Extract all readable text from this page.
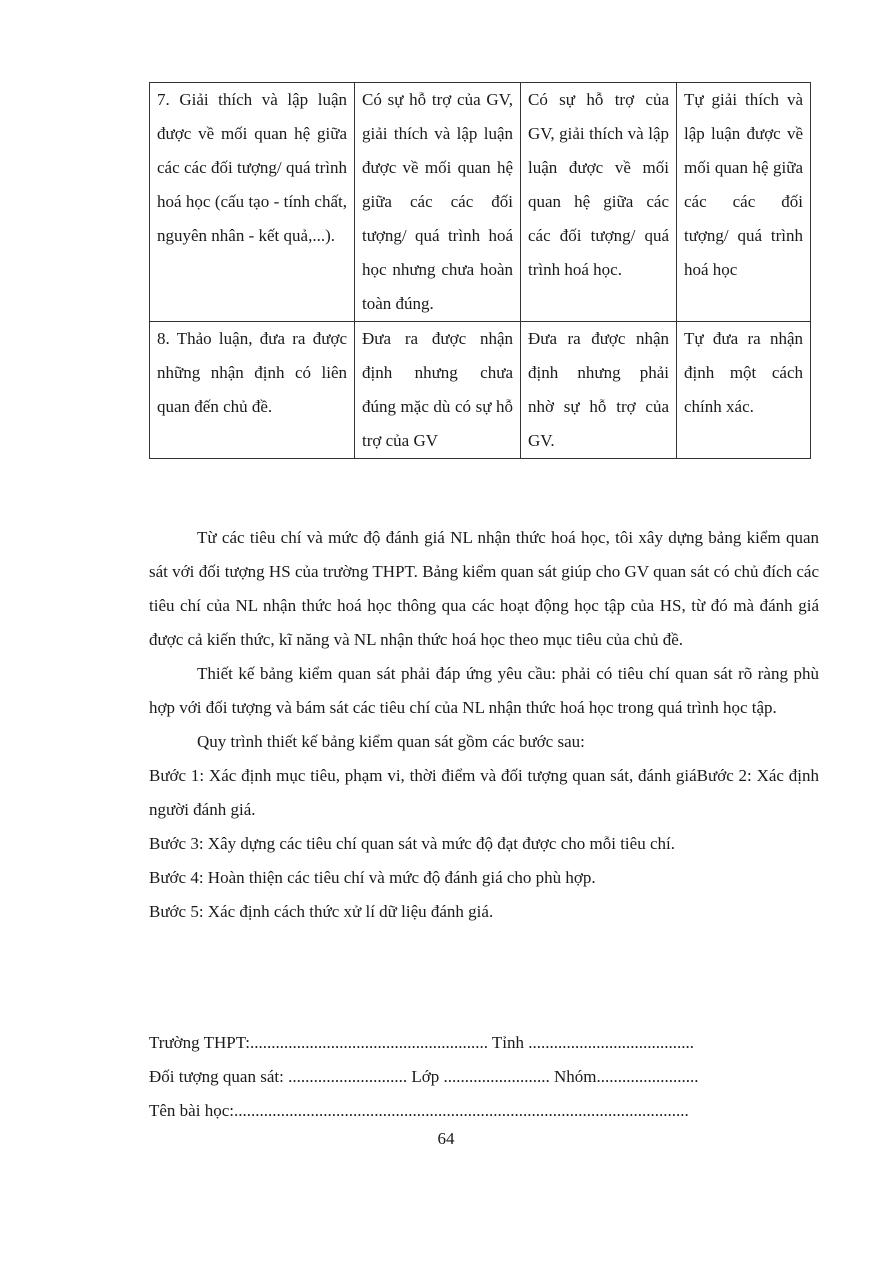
7. Giải thích và lập luận được về mối quan hệ giữa các các đối tượng/ quá trình hoá học (cấu tạo - tính chất, nguyên nhân - kết quả,...).	Có sự hỗ trợ của GV, giải thích và lập luận được về mối quan hệ giữa các các đối tượng/ quá trình hoá học nhưng chưa hoàn toàn đúng.	Có sự hỗ trợ của GV, giải thích và lập luận được về mối quan hệ giữa các các đối tượng/ quá trình hoá học.	Tự giải thích và lập luận được về mối quan hệ giữa các các đối tượng/ quá trình hoá học
8. Thảo luận, đưa ra được những nhận định có liên quan đến chủ đề.	Đưa ra được nhận định nhưng chưa đúng mặc dù có sự hỗ trợ của GV	Đưa ra được nhận định nhưng phải nhờ sự hỗ trợ của GV.	Tự đưa ra nhận định một cách chính xác.

Từ các tiêu chí và mức độ đánh giá NL nhận thức hoá học, tôi xây dựng bảng kiểm quan sát với đối tượng HS của trường THPT. Bảng kiểm quan sát giúp cho GV quan sát có chủ đích các tiêu chí của NL nhận thức hoá học thông qua các hoạt động học tập của HS, từ đó mà đánh giá được cả kiến thức, kĩ năng và NL nhận thức hoá học theo mục tiêu của chủ đề.

Thiết kế bảng kiểm quan sát phải đáp ứng yêu cầu: phải có tiêu chí quan sát rõ ràng phù hợp với đối tượng và bám sát các tiêu chí của NL nhận thức hoá học trong quá trình học tập.

Quy trình thiết kế bảng kiểm quan sát gồm các bước sau:

Bước 1: Xác định mục tiêu, phạm vi, thời điểm và đối tượng quan sát, đánh giáBước 2: Xác định người đánh giá.

Bước 3: Xây dựng các tiêu chí quan sát và mức độ đạt được cho mỗi tiêu chí.

Bước 4: Hoàn thiện các tiêu chí và mức độ đánh giá cho phù hợp.

Bước 5: Xác định cách thức xử lí dữ liệu đánh giá.

Trường THPT:........................................................ Tỉnh .......................................
Đối tượng quan sát: ............................ Lớp ......................... Nhóm........................
Tên bài học:...........................................................................................................
64
